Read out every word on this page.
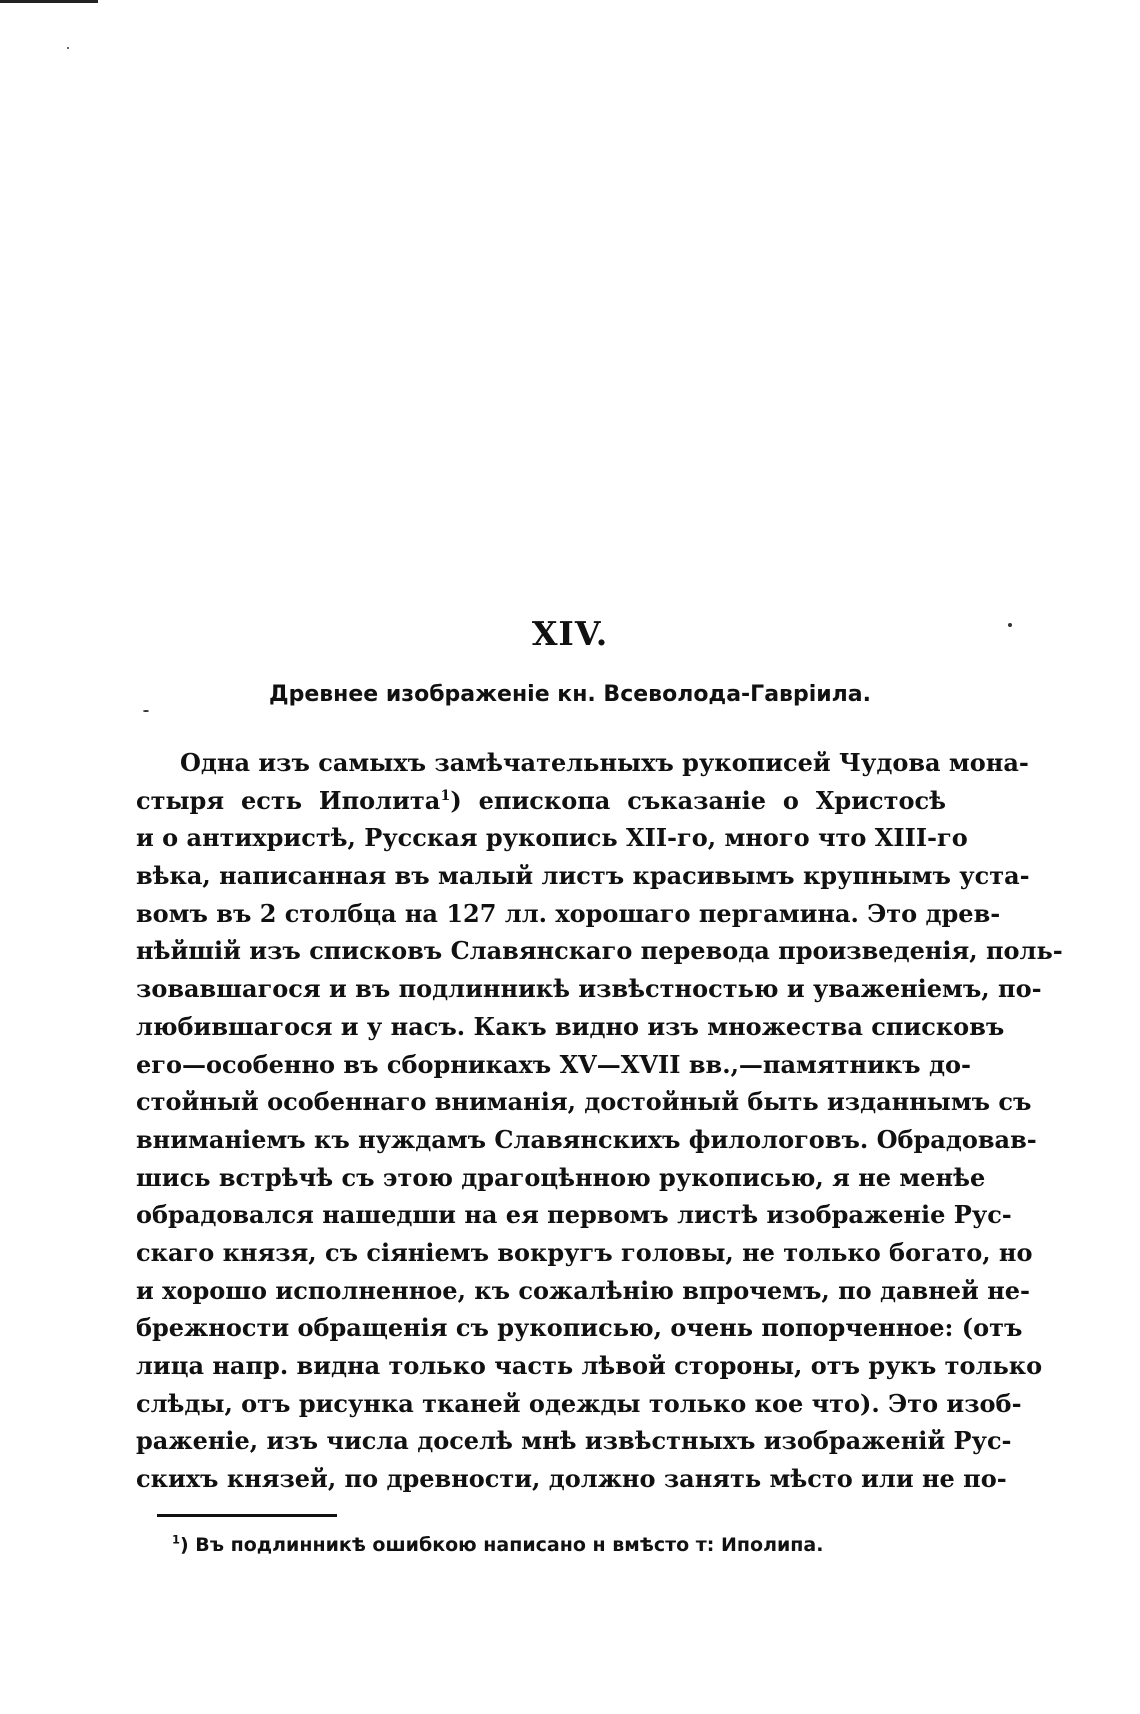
XIV.
Древнее изображеніе кн. Всеволода-Гавріила.
Одна изъ самыхъ замѣчательныхъ рукописей Чудова мона-
стыря есть Иполита$^1$) епископа съказаніе о Христосѣ
и о антихристѣ, Русская рукопись XII-го, много что XIII-го
вѣка, написанная въ малый листъ красивымъ крупнымъ уста-
вомъ въ 2 столбца на 127 лл. хорошаго пергамина. Это древ-
нѣйшій изъ списковъ Славянскаго перевода произведенія, поль-
зовавшагося и въ подлинникѣ извѣстностью и уваженіемъ, по-
любившагося и у насъ. Какъ видно изъ множества списковъ
его—особенно въ сборникахъ XV—XVII вв.,—памятникъ до-
стойный особеннаго вниманія, достойный быть изданнымъ съ
вниманіемъ къ нуждамъ Славянскихъ филологовъ. Обрадовав-
шись встрѣчѣ съ этою драгоцѣнною рукописью, я не менѣе
обрадовался нашедши на ея первомъ листѣ изображеніе Рус-
скаго князя, съ сіяніемъ вокругъ головы, не только богато, но
и хорошо исполненное, къ сожалѣнію впрочемъ, по давней не-
брежности обращенія съ рукописью, очень попорченное: (отъ
лица напр. видна только часть лѣвой стороны, отъ рукъ только
слѣды, отъ рисунка тканей одежды только кое что). Это изоб-
раженіе, изъ числа доселѣ мнѣ извѣстныхъ изображеній Рус-
скихъ князей, по древности, должно занять мѣсто или не по-
$^1$) Въ подлинникѣ ошибкою написано н вмѣсто т: Иполипа.
